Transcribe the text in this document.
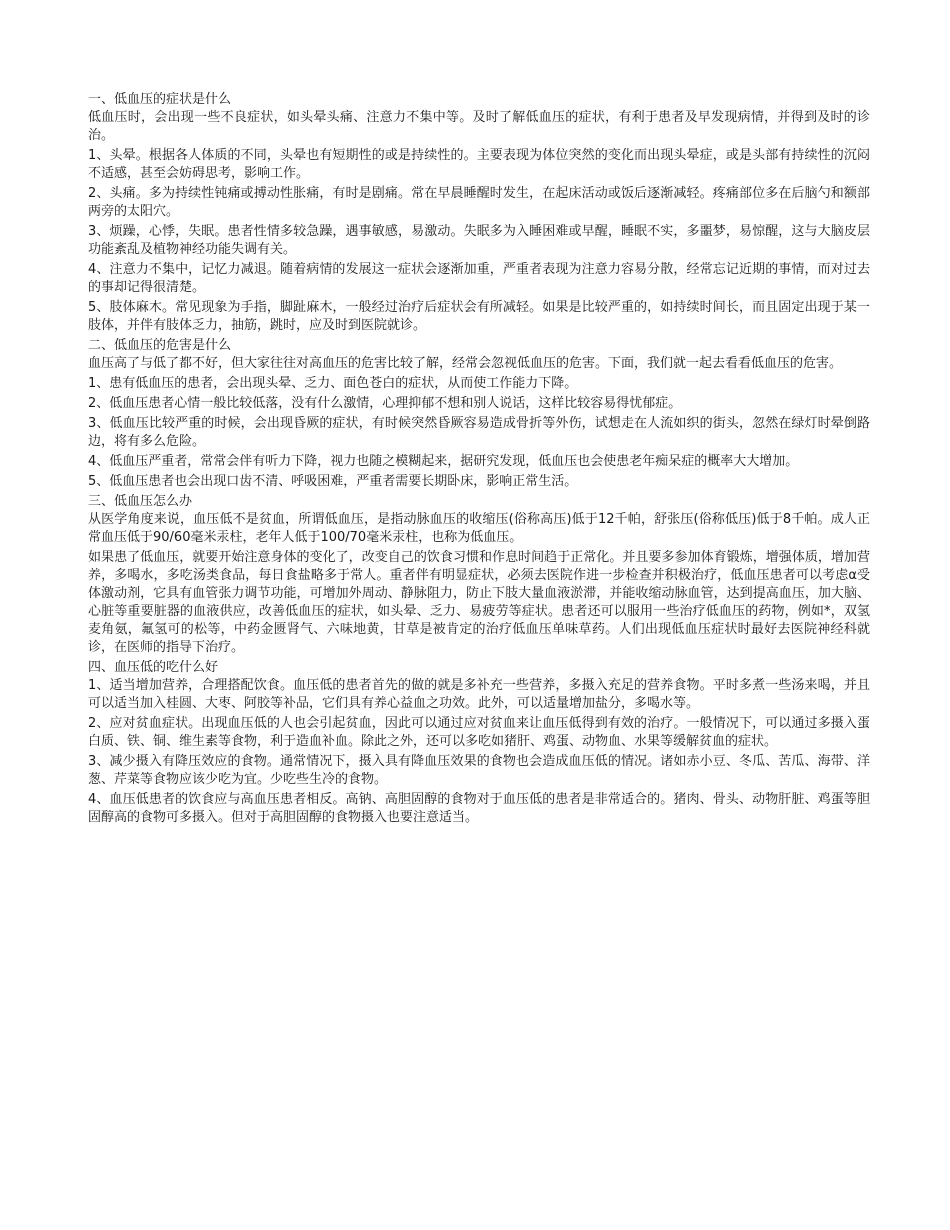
一、低血压的症状是什么
低血压时，会出现一些不良症状，如头晕头痛、注意力不集中等。及时了解低血压的症状，有利于患者及早发现病情，并得到及时的诊治。
1、头晕。根据各人体质的不同，头晕也有短期性的或是持续性的。主要表现为体位突然的变化而出现头晕症，或是头部有持续性的沉闷不适感，甚至会妨碍思考，影响工作。
2、头痛。多为持续性钝痛或搏动性胀痛，有时是剧痛。常在早晨睡醒时发生，在起床活动或饭后逐渐减轻。疼痛部位多在后脑勺和额部两旁的太阳穴。
3、烦躁，心悸，失眠。患者性情多较急躁，遇事敏感，易激动。失眠多为入睡困难或早醒，睡眠不实，多噩梦，易惊醒，这与大脑皮层功能紊乱及植物神经功能失调有关。
4、注意力不集中，记忆力减退。随着病情的发展这一症状会逐渐加重，严重者表现为注意力容易分散，经常忘记近期的事情，而对过去的事却记得很清楚。
5、肢体麻木。常见现象为手指，脚趾麻木，一般经过治疗后症状会有所减轻。如果是比较严重的，如持续时间长，而且固定出现于某一肢体，并伴有肢体乏力，抽筋，跳时，应及时到医院就诊。
二、低血压的危害是什么
血压高了与低了都不好，但大家往往对高血压的危害比较了解，经常会忽视低血压的危害。下面，我们就一起去看看低血压的危害。
1、患有低血压的患者，会出现头晕、乏力、面色苍白的症状，从而使工作能力下降。
2、低血压患者心情一般比较低落，没有什么激情，心理抑郁不想和别人说话，这样比较容易得忧郁症。
3、低血压比较严重的时候，会出现昏厥的症状，有时候突然昏厥容易造成骨折等外伤，试想走在人流如织的街头，忽然在绿灯时晕倒路边，将有多么危险。
4、低血压严重者，常常会伴有听力下降，视力也随之模糊起来，据研究发现，低血压也会使患老年痴呆症的概率大大增加。
5、低血压患者也会出现口齿不清、呼吸困难，严重者需要长期卧床，影响正常生活。
三、低血压怎么办
从医学角度来说，血压低不是贫血，所谓低血压，是指动脉血压的收缩压(俗称高压)低于12千帕，舒张压(俗称低压)低于8千帕。成人正常血压低于90/60毫米汞柱，老年人低于100/70毫米汞柱，也称为低血压。
如果患了低血压，就要开始注意身体的变化了，改变自己的饮食习惯和作息时间趋于正常化。并且要多参加体育锻炼，增强体质，增加营养，多喝水，多吃汤类食品，每日食盐略多于常人。重者伴有明显症状，必须去医院作进一步检查并积极治疗，低血压患者可以考虑α受体激动剂，它具有血管张力调节功能，可增加外周动、静脉阻力，防止下肢大量血液淤滞，并能收缩动脉血管，达到提高血压，加大脑、心脏等重要脏器的血液供应，改善低血压的症状，如头晕、乏力、易疲劳等症状。患者还可以服用一些治疗低血压的药物，例如*，双氢麦角氨，氟氢可的松等，中药金匮肾气、六味地黄，甘草是被肯定的治疗低血压单味草药。人们出现低血压症状时最好去医院神经科就诊，在医师的指导下治疗。
四、血压低的吃什么好
1、适当增加营养，合理搭配饮食。血压低的患者首先的做的就是多补充一些营养，多摄入充足的营养食物。平时多煮一些汤来喝，并且可以适当加入桂圆、大枣、阿胶等补品，它们具有养心益血之功效。此外，可以适量增加盐分，多喝水等。
2、应对贫血症状。出现血压低的人也会引起贫血，因此可以通过应对贫血来让血压低得到有效的治疗。一般情况下，可以通过多摄入蛋白质、铁、铜、维生素等食物，利于造血补血。除此之外，还可以多吃如猪肝、鸡蛋、动物血、水果等缓解贫血的症状。
3、减少摄入有降压效应的食物。通常情况下，摄入具有降血压效果的食物也会造成血压低的情况。诸如赤小豆、冬瓜、苦瓜、海带、洋葱、芹菜等食物应该少吃为宜。少吃些生冷的食物。
4、血压低患者的饮食应与高血压患者相反。高钠、高胆固醇的食物对于血压低的患者是非常适合的。猪肉、骨头、动物肝脏、鸡蛋等胆固醇高的食物可多摄入。但对于高胆固醇的食物摄入也要注意适当。
